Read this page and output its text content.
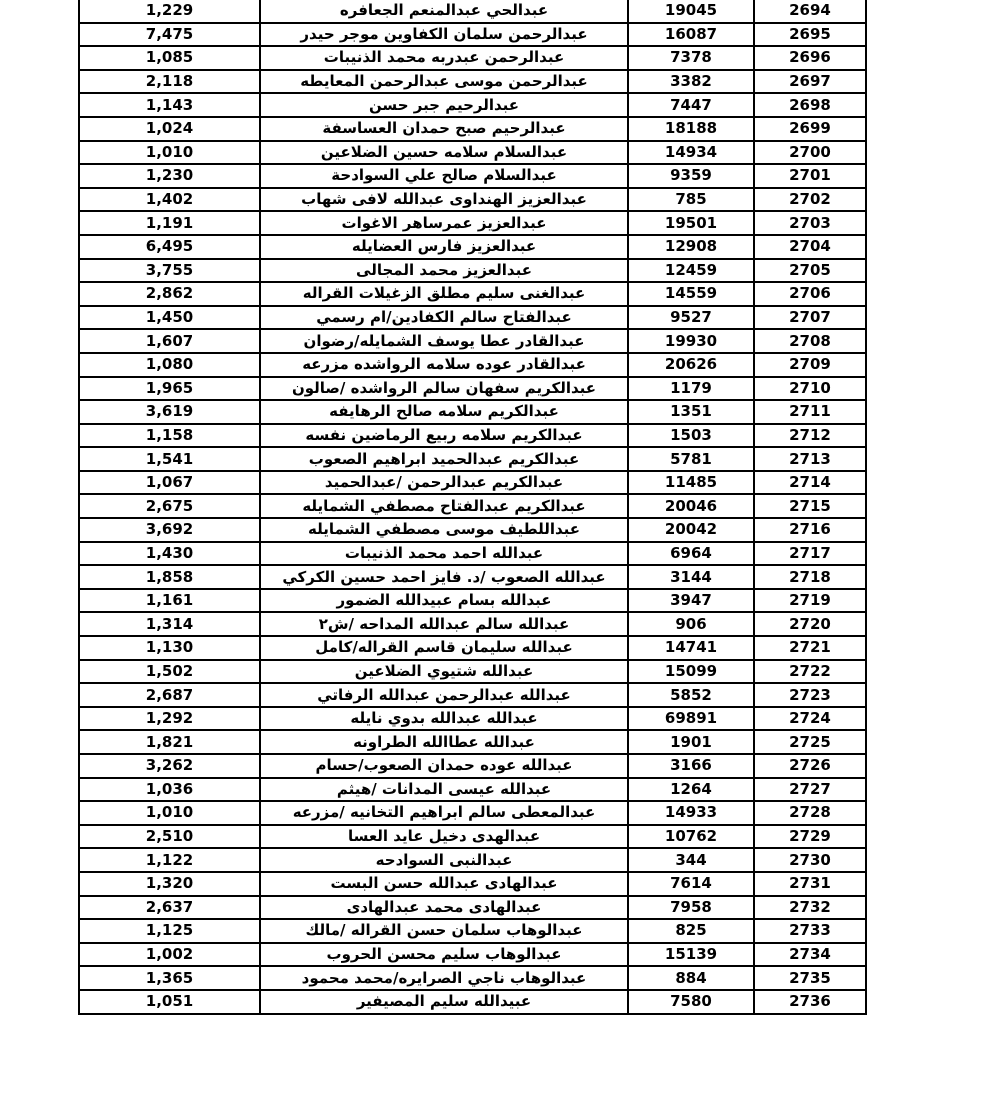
1,229	عبدالحي عبدالمنعم الجعافره	19045	2694
7,475	عبدالرحمن سلمان الكفاوين موجر حيدر	16087	2695
1,085	عبدالرحمن عبدربه محمد الذنيبات	7378	2696
2,118	عبدالرحمن موسى عبدالرحمن المعايطه	3382	2697
1,143	عبدالرحيم جبر حسن	7447	2698
1,024	عبدالرحيم صبح حمدان العساسفة	18188	2699
1,010	عبدالسلام سلامه حسين الضلاعين	14934	2700
1,230	عبدالسلام صالح علي السوادحة	9359	2701
1,402	عبدالعزيز الهنداوى عبدالله لافى شهاب	785	2702
1,191	عبدالعزيز عمرساهر الاغوات	19501	2703
6,495	عبدالعزيز فارس العضايله	12908	2704
3,755	عبدالعزيز محمد المجالى	12459	2705
2,862	عبدالغنى سليم مطلق الزغيلات القراله	14559	2706
1,450	عبدالفتاح سالم الكفادين/ام رسمي	9527	2707
1,607	عبدالقادر عطا يوسف الشمايله/رضوان	19930	2708
1,080	عبدالقادر عوده سلامه الرواشده مزرعه	20626	2709
1,965	عبدالكريم سفهان سالم الرواشده /صالون	1179	2710
3,619	عبدالكريم سلامه صالح الرهايفه	1351	2711
1,158	عبدالكريم سلامه ربيع الرماضين نفسه	1503	2712
1,541	عبدالكريم عبدالحميد ابراهيم الصعوب	5781	2713
1,067	عبدالكريم عبدالرحمن /عبدالحميد	11485	2714
2,675	عبدالكريم عبدالفتاح مصطفي الشمايله	20046	2715
3,692	عبداللطيف موسى مصطفي الشمايله	20042	2716
1,430	عبدالله احمد محمد الذنيبات	6964	2717
1,858	عبدالله الصعوب /د. فايز احمد حسين الكركي	3144	2718
1,161	عبدالله بسام عبيدالله الضمور	3947	2719
1,314	عبدالله سالم عبدالله المداحه /ش٢	906	2720
1,130	عبدالله سليمان قاسم القراله/كامل	14741	2721
1,502	عبدالله شتيوي الضلاعين	15099	2722
2,687	عبدالله عبدالرحمن عبدالله الرفاتي	5852	2723
1,292	عبدالله عبدالله بدوي نايله	69891	2724
1,821	عبدالله عطاالله الطراونه	1901	2725
3,262	عبدالله عوده حمدان الصعوب/حسام	3166	2726
1,036	عبدالله عيسى المدانات /هيثم	1264	2727
1,010	عبدالمعطى سالم ابراهيم التخانيه /مزرعه	14933	2728
2,510	عبدالهدى دخيل عايد العسا	10762	2729
1,122	عبدالنبى السوادحه	344	2730
1,320	عبدالهادى عبدالله حسن البست	7614	2731
2,637	عبدالهادى محمد عبدالهادى	7958	2732
1,125	عبدالوهاب سلمان حسن القراله /مالك	825	2733
1,002	عبدالوهاب سليم محسن الحروب	15139	2734
1,365	عبدالوهاب ناجي الصرايره/محمد محمود	884	2735
1,051	عبيدالله سليم المصيفير	7580	2736
